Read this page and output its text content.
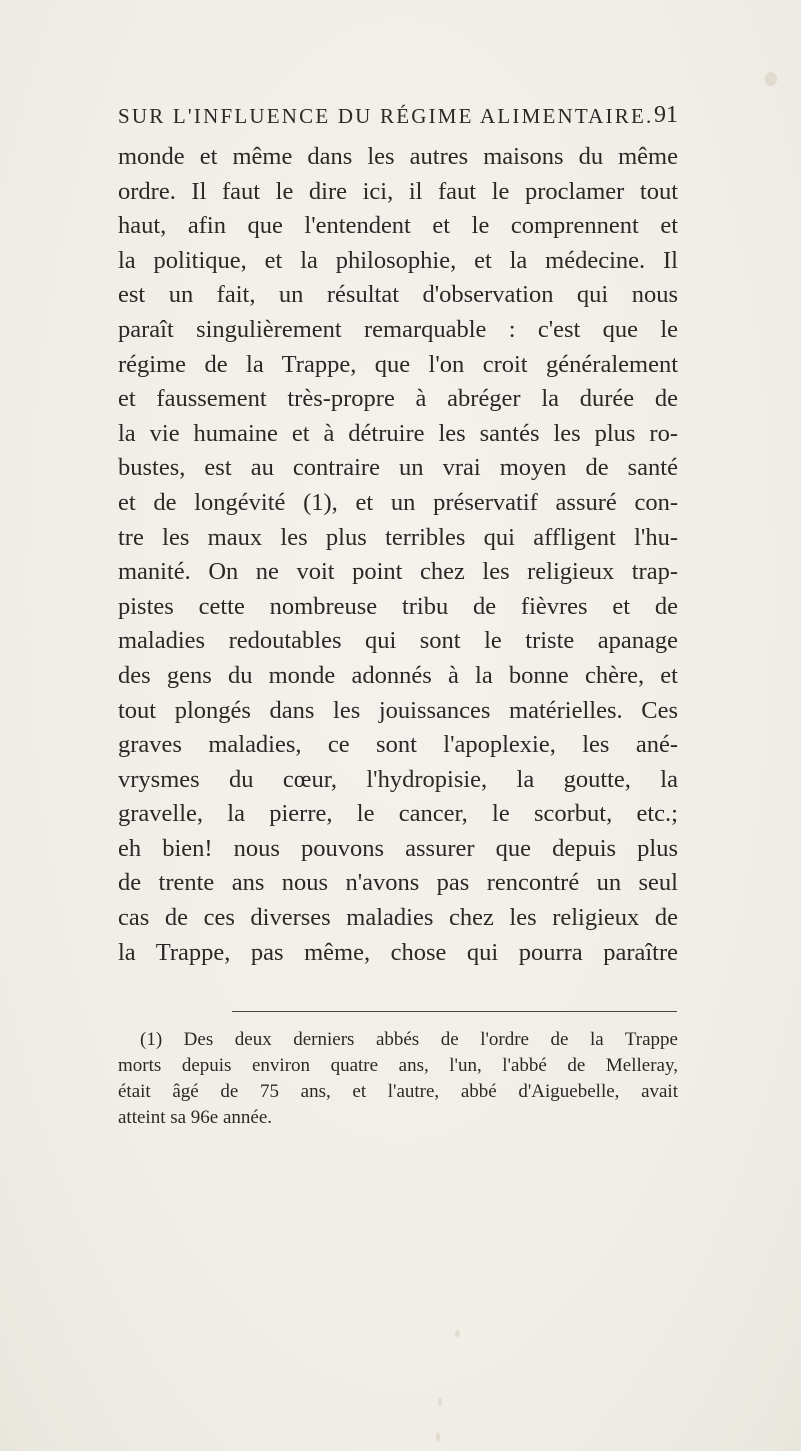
SUR L'INFLUENCE DU RÉGIME ALIMENTAIRE. 91
monde et même dans les autres maisons du même
ordre. Il faut le dire ici, il faut le proclamer tout
haut, afin que l'entendent et le comprennent et
la politique, et la philosophie, et la médecine. Il
est un fait, un résultat d'observation qui nous
paraît singulièrement remarquable : c'est que le
régime de la Trappe, que l'on croit généralement
et faussement très-propre à abréger la durée de
la vie humaine et à détruire les santés les plus ro-
bustes, est au contraire un vrai moyen de santé
et de longévité (1), et un préservatif assuré con-
tre les maux les plus terribles qui affligent l'hu-
manité. On ne voit point chez les religieux trap-
pistes cette nombreuse tribu de fièvres et de
maladies redoutables qui sont le triste apanage
des gens du monde adonnés à la bonne chère, et
tout plongés dans les jouissances matérielles. Ces
graves maladies, ce sont l'apoplexie, les ané-
vrysmes du cœur, l'hydropisie, la goutte, la
gravelle, la pierre, le cancer, le scorbut, etc.;
eh bien! nous pouvons assurer que depuis plus
de trente ans nous n'avons pas rencontré un seul
cas de ces diverses maladies chez les religieux de
la Trappe, pas même, chose qui pourra paraître
(1) Des deux derniers abbés de l'ordre de la Trappe
morts depuis environ quatre ans, l'un, l'abbé de Melleray,
était âgé de 75 ans, et l'autre, abbé d'Aiguebelle, avait
atteint sa 96e année.
